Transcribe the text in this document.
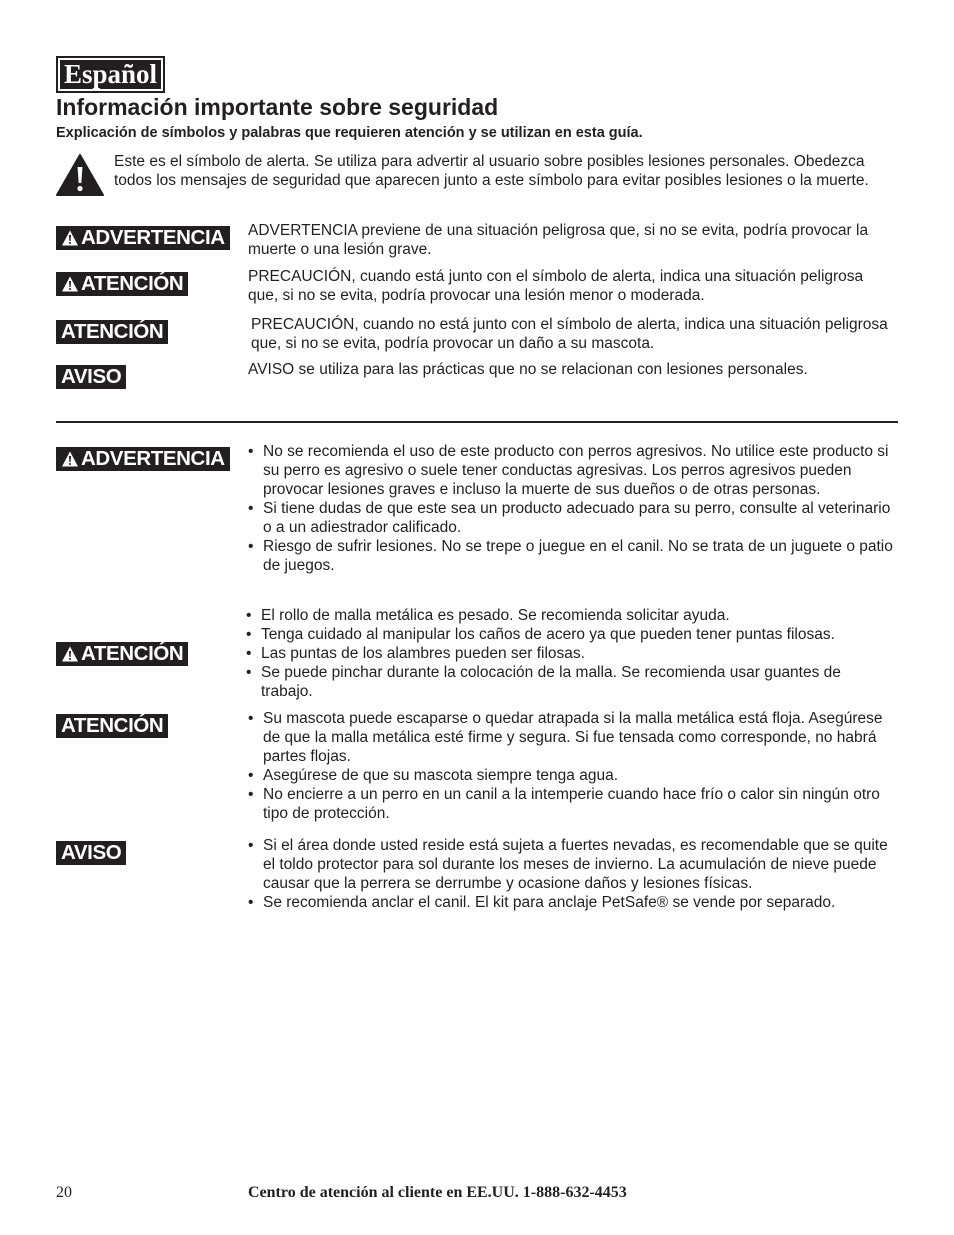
Español
Información importante sobre seguridad
Explicación de símbolos y palabras que requieren atención y se utilizan en esta guía.
Este es el símbolo de alerta. Se utiliza para advertir al usuario sobre posibles lesiones personales. Obedezca todos los mensajes de seguridad que aparecen junto a este símbolo para evitar posibles lesiones o la muerte.
ADVERTENCIA ADVERTENCIA previene de una situación peligrosa que, si no se evita, podría provocar la muerte o una lesión grave.
ATENCIÓN	PRECAUCIÓN, cuando está junto con el símbolo de alerta, indica una situación peligrosa que, si no se evita, podría provocar una lesión menor o moderada.
ATENCIÓN	PRECAUCIÓN, cuando no está junto con el símbolo de alerta, indica una situación peligrosa que, si no se evita, podría provocar un daño a su mascota.
AVISO	AVISO se utiliza para las prácticas que no se relacionan con lesiones personales.
ADVERTENCIA	• No se recomienda el uso de este producto con perros agresivos. No utilice este producto si su perro es agresivo o suele tener conductas agresivas. Los perros agresivos pueden provocar lesiones graves e incluso la muerte de sus dueños o de otras personas.
• Si tiene dudas de que este sea un producto adecuado para su perro, consulte al veterinario o a un adiestrador calificado.
• Riesgo de sufrir lesiones. No se trepe o juegue en el canil. No se trata de un juguete o patio de juegos.
ATENCIÓN
• El rollo de malla metálica es pesado. Se recomienda solicitar ayuda.
• Tenga cuidado al manipular los caños de acero ya que pueden tener puntas filosas.
• Las puntas de los alambres pueden ser filosas.
• Se puede pinchar durante la colocación de la malla. Se recomienda usar guantes de trabajo.
ATENCIÓN	• Su mascota puede escaparse o quedar atrapada si la malla metálica está floja. Asegúrese de que la malla metálica esté firme y segura. Si fue tensada como corresponde, no habrá partes flojas.
• Asegúrese de que su mascota siempre tenga agua.
• No encierre a un perro en un canil a la intemperie cuando hace frío o calor sin ningún otro tipo de protección.
AVISO	• Si el área donde usted reside está sujeta a fuertes nevadas, es recomendable que se quite el toldo protector para sol durante los meses de invierno. La acumulación de nieve puede causar que la perrera se derrumbe y ocasione daños y lesiones físicas.
• Se recomienda anclar el canil. El kit para anclaje PetSafe® se vende por separado.
20	Centro de atención al cliente en EE.UU. 1-888-632-4453
